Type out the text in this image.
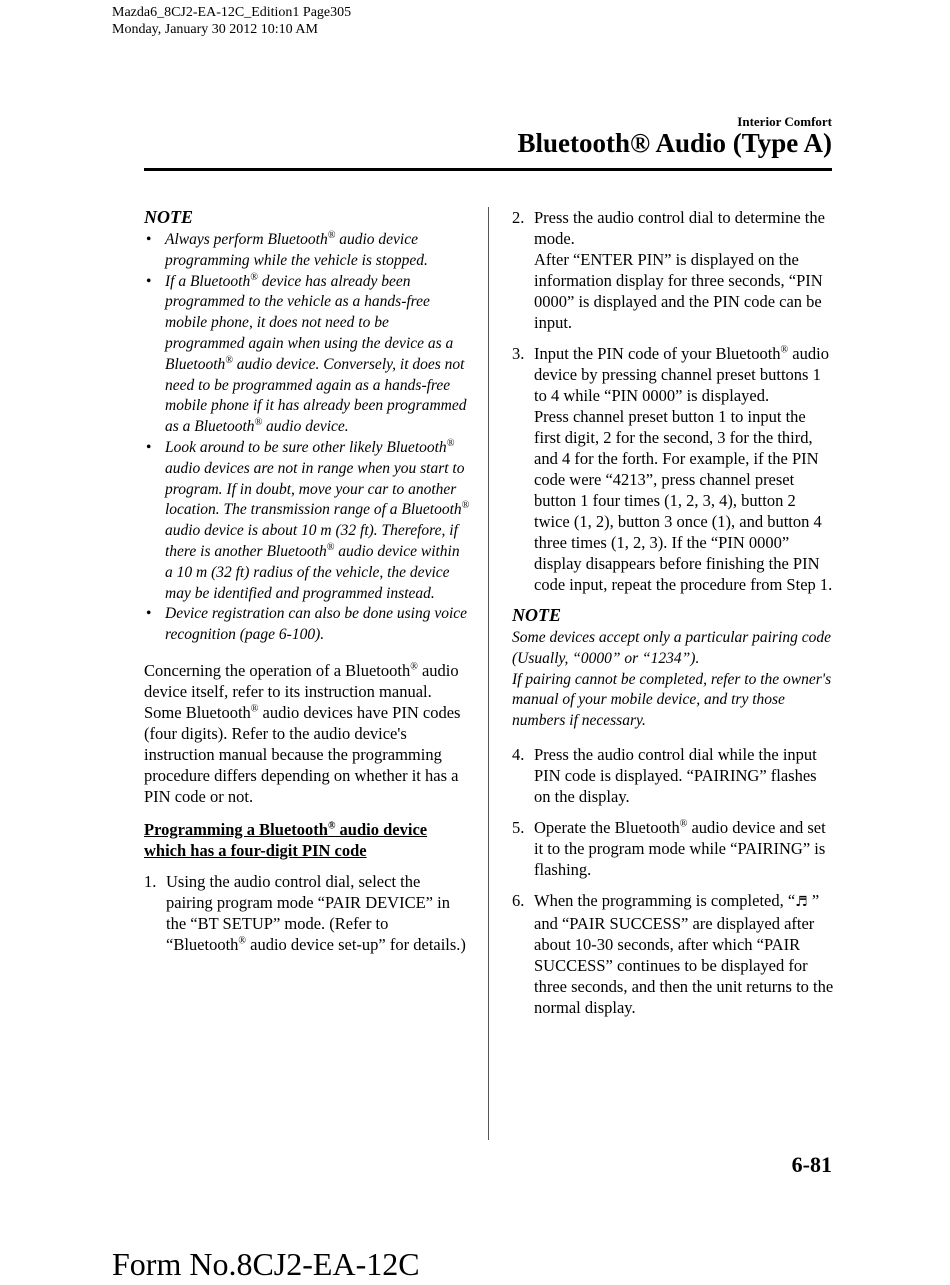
Mazda6_8CJ2-EA-12C_Edition1 Page305
Monday, January 30 2012 10:10 AM
Interior Comfort
Bluetooth® Audio (Type A)
NOTE
• Always perform Bluetooth® audio device programming while the vehicle is stopped.
• If a Bluetooth® device has already been programmed to the vehicle as a hands-free mobile phone, it does not need to be programmed again when using the device as a Bluetooth® audio device. Conversely, it does not need to be programmed again as a hands-free mobile phone if it has already been programmed as a Bluetooth® audio device.
• Look around to be sure other likely Bluetooth® audio devices are not in range when you start to program. If in doubt, move your car to another location. The transmission range of a Bluetooth® audio device is about 10 m (32 ft). Therefore, if there is another Bluetooth® audio device within a 10 m (32 ft) radius of the vehicle, the device may be identified and programmed instead.
• Device registration can also be done using voice recognition (page 6-100).

Concerning the operation of a Bluetooth® audio device itself, refer to its instruction manual.

Some Bluetooth® audio devices have PIN codes (four digits). Refer to the audio device's instruction manual because the programming procedure differs depending on whether it has a PIN code or not.

Programming a Bluetooth® audio device which has a four-digit PIN code
1. Using the audio control dial, select the pairing program mode “PAIR DEVICE” in the “BT SETUP” mode. (Refer to “Bluetooth® audio device set-up” for details.)

2. Press the audio control dial to determine the mode.

After “ENTER PIN” is displayed on the information display for three seconds, “PIN 0000” is displayed and the PIN code can be input.

3. Input the PIN code of your Bluetooth® audio device by pressing channel preset buttons 1 to 4 while “PIN 0000” is displayed.

Press channel preset button 1 to input the first digit, 2 for the second, 3 for the third, and 4 for the forth. For example, if the PIN code were “4213”, press channel preset button 1 four times (1, 2, 3, 4), button 2 twice (1, 2), button 3 once (1), and button 4 three times (1, 2, 3). If the “PIN 0000” display disappears before finishing the PIN code input, repeat the procedure from Step 1.

NOTE

Some devices accept only a particular pairing code (Usually, “0000” or “1234”).

If pairing cannot be completed, refer to the owner's manual of your mobile device, and try those numbers if necessary.

4. Press the audio control dial while the input PIN code is displayed. “PAIRING” flashes on the display.

5. Operate the Bluetooth® audio device and set it to the program mode while “PAIRING” is flashing.

6. When the programming is completed, “♬ ” and “PAIR SUCCESS” are displayed after about 10-30 seconds, after which “PAIR SUCCESS” continues to be displayed for three seconds, and then the unit returns to the normal display.

6-81
Form No.8CJ2-EA-12C
